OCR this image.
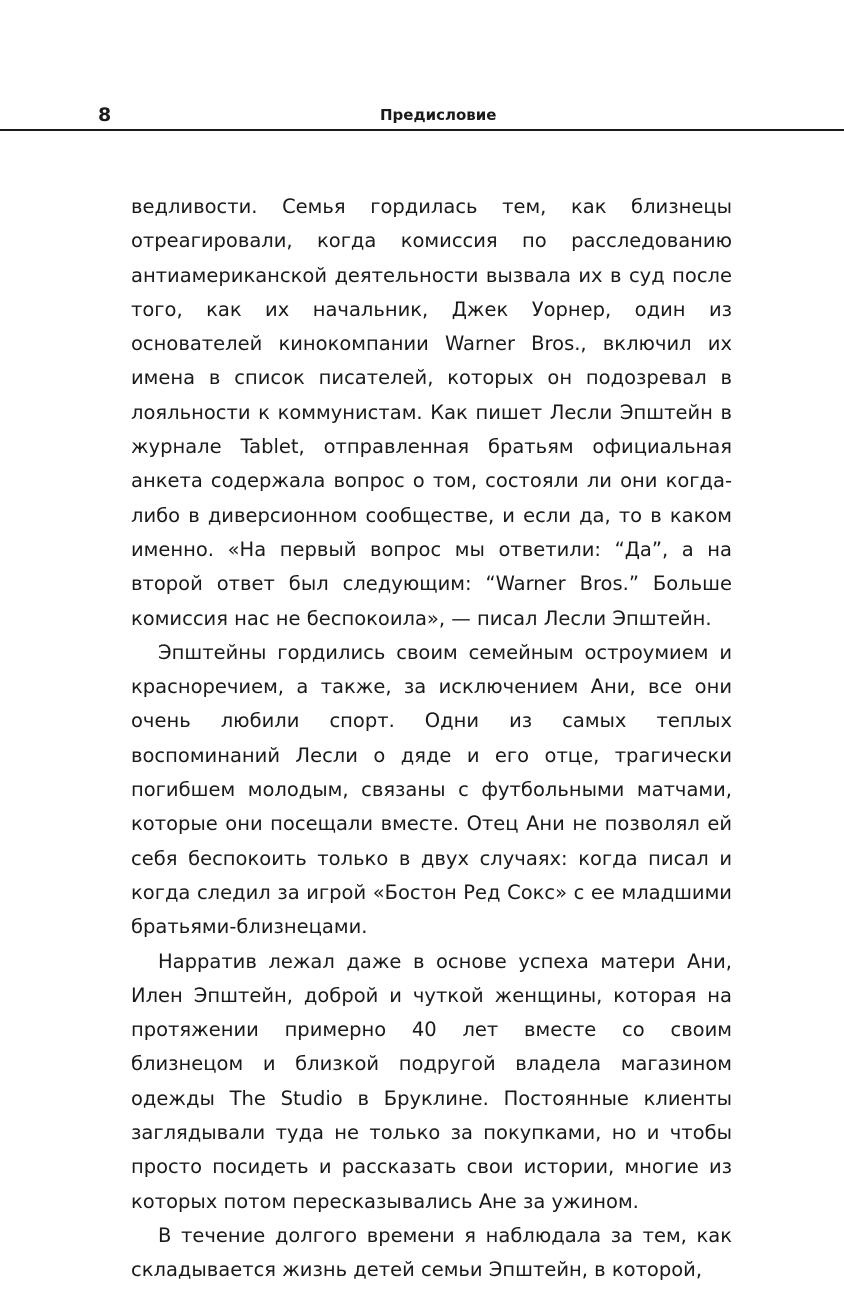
8	Предисловие

ведливости. Семья гордилась тем, как близнецы отреагировали, когда комиссия по расследованию антиамериканской деятельности вызвала их в суд после того, как их начальник, Джек Уорнер, один из основателей кинокомпании Warner Bros., включил их имена в список писателей, которых он подозревал в лояльности к коммунистам. Как пишет Лесли Эпштейн в журнале Tablet, отправленная братьям официальная анкета содержала вопрос о том, состояли ли они когда-либо в диверсионном сообществе, и если да, то в каком именно. «На первый вопрос мы ответили: “Да”, а на второй ответ был следующим: “Warner Bros.” Больше комиссия нас не беспокоила», — писал Лесли Эпштейн.

Эпштейны гордились своим семейным остроумием и красноречием, а также, за исключением Ани, все они очень любили спорт. Одни из самых теплых воспоминаний Лесли о дяде и его отце, трагически погибшем молодым, связаны с футбольными матчами, которые они посещали вместе. Отец Ани не позволял ей себя беспокоить только в двух случаях: когда писал и когда следил за игрой «Бостон Ред Сокс» с ее младшими братьями-близнецами.

Нарратив лежал даже в основе успеха матери Ани, Илен Эпштейн, доброй и чуткой женщины, которая на протяжении примерно 40 лет вместе со своим близнецом и близкой подругой владела магазином одежды The Studio в Бруклине. Постоянные клиенты заглядывали туда не только за покупками, но и чтобы просто посидеть и рассказать свои истории, многие из которых потом пересказывались Ане за ужином.

В течение долгого времени я наблюдала за тем, как складывается жизнь детей семьи Эпштейн, в которой,
